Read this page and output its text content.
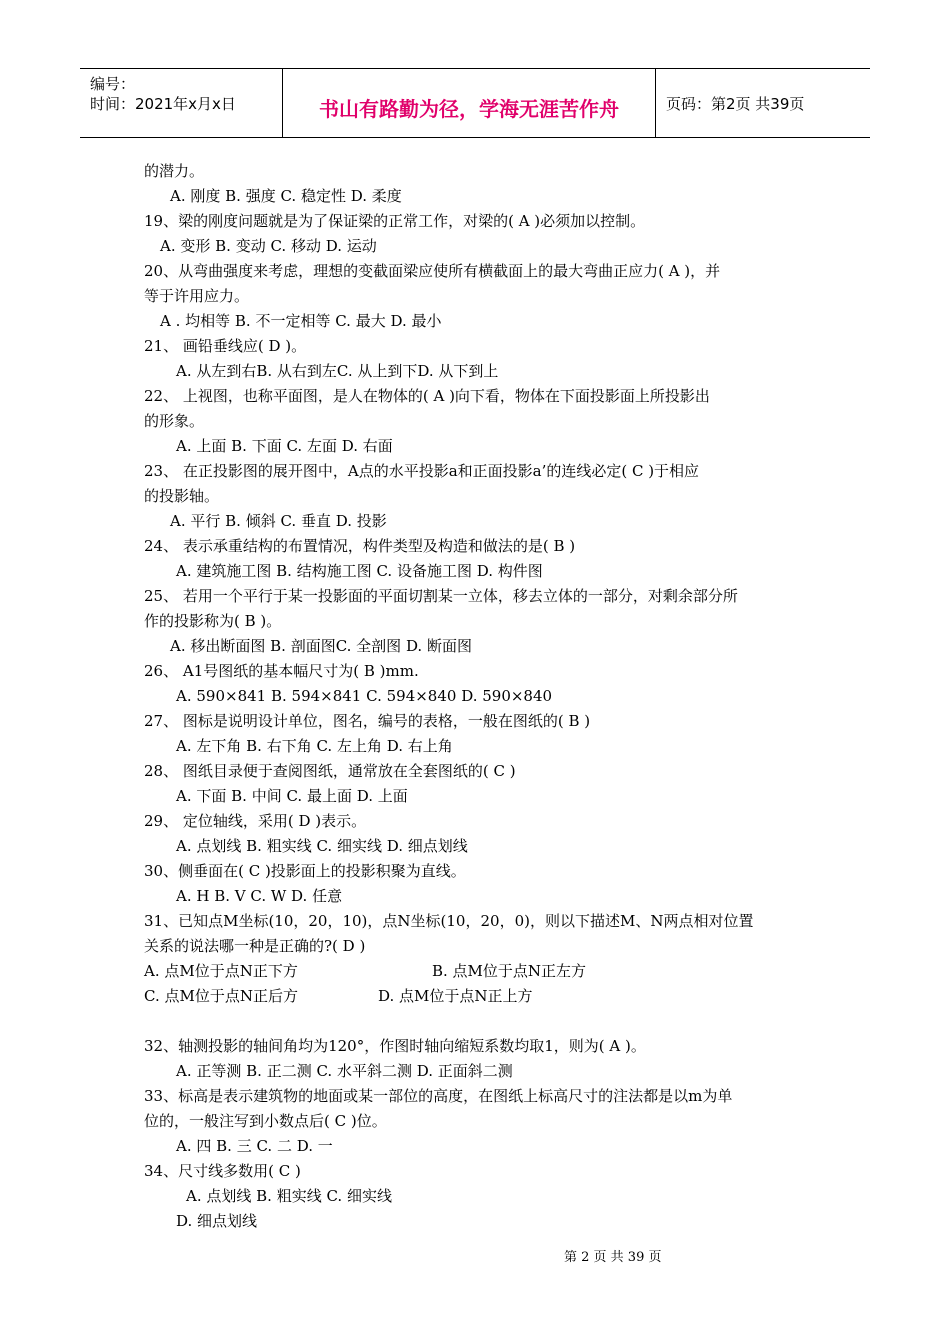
编号：
时间：2021年x月x日	书山有路勤为径，学海无涯苦作舟	页码：第2页 共39页
的潜力。
A. 刚度 B. 强度 C. 稳定性 D. 柔度
19、梁的刚度问题就是为了保证梁的正常工作，对梁的( A )必须加以控制。
A. 变形 B. 变动 C. 移动 D. 运动
20、从弯曲强度来考虑，理想的变截面梁应使所有横截面上的最大弯曲正应力( A )，并
等于许用应力。
A . 均相等 B. 不一定相等 C. 最大 D. 最小
21、 画铅垂线应( D )。
A. 从左到右B. 从右到左C. 从上到下D. 从下到上
22、 上视图，也称平面图，是人在物体的( A )向下看，物体在下面投影面上所投影出
的形象。
A. 上面 B. 下面 C. 左面 D. 右面
23、 在正投影图的展开图中，A点的水平投影a和正面投影a’的连线必定( C )于相应
的投影轴。
A. 平行 B. 倾斜 C. 垂直 D. 投影
24、 表示承重结构的布置情况，构件类型及构造和做法的是( B )
A. 建筑施工图 B. 结构施工图 C. 设备施工图 D. 构件图
25、 若用一个平行于某一投影面的平面切割某一立体，移去立体的一部分，对剩余部分所
作的投影称为( B )。
A. 移出断面图 B. 剖面图C. 全剖图 D. 断面图
26、 A1号图纸的基本幅尺寸为( B )mm.
A. 590×841 B. 594×841 C. 594×840 D. 590×840
27、 图标是说明设计单位，图名，编号的表格，一般在图纸的( B )
A. 左下角 B. 右下角 C. 左上角 D. 右上角
28、 图纸目录便于查阅图纸，通常放在全套图纸的( C )
A. 下面 B. 中间 C. 最上面 D. 上面
29、 定位轴线，采用( D )表示。
A. 点划线 B. 粗实线 C. 细实线 D. 细点划线
30、侧垂面在( C )投影面上的投影积聚为直线。
A. H B. V C. W D. 任意
31、已知点M坐标(10，20，10)，点N坐标(10，20，0)，则以下描述M、N两点相对位置
关系的说法哪一种是正确的?( D )
A. 点M位于点N正下方	B. 点M位于点N正左方
C. 点M位于点N正后方	D. 点M位于点N正上方
32、轴测投影的轴间角均为120°，作图时轴向缩短系数均取1，则为( A )。
A. 正等测 B. 正二测 C. 水平斜二测 D. 正面斜二测
33、标高是表示建筑物的地面或某一部位的高度，在图纸上标高尺寸的注法都是以m为单
位的，一般注写到小数点后( C )位。
A. 四 B. 三 C. 二 D. 一
34、尺寸线多数用( C )
A. 点划线 B. 粗实线 C. 细实线
D. 细点划线
第 2 页 共 39 页
